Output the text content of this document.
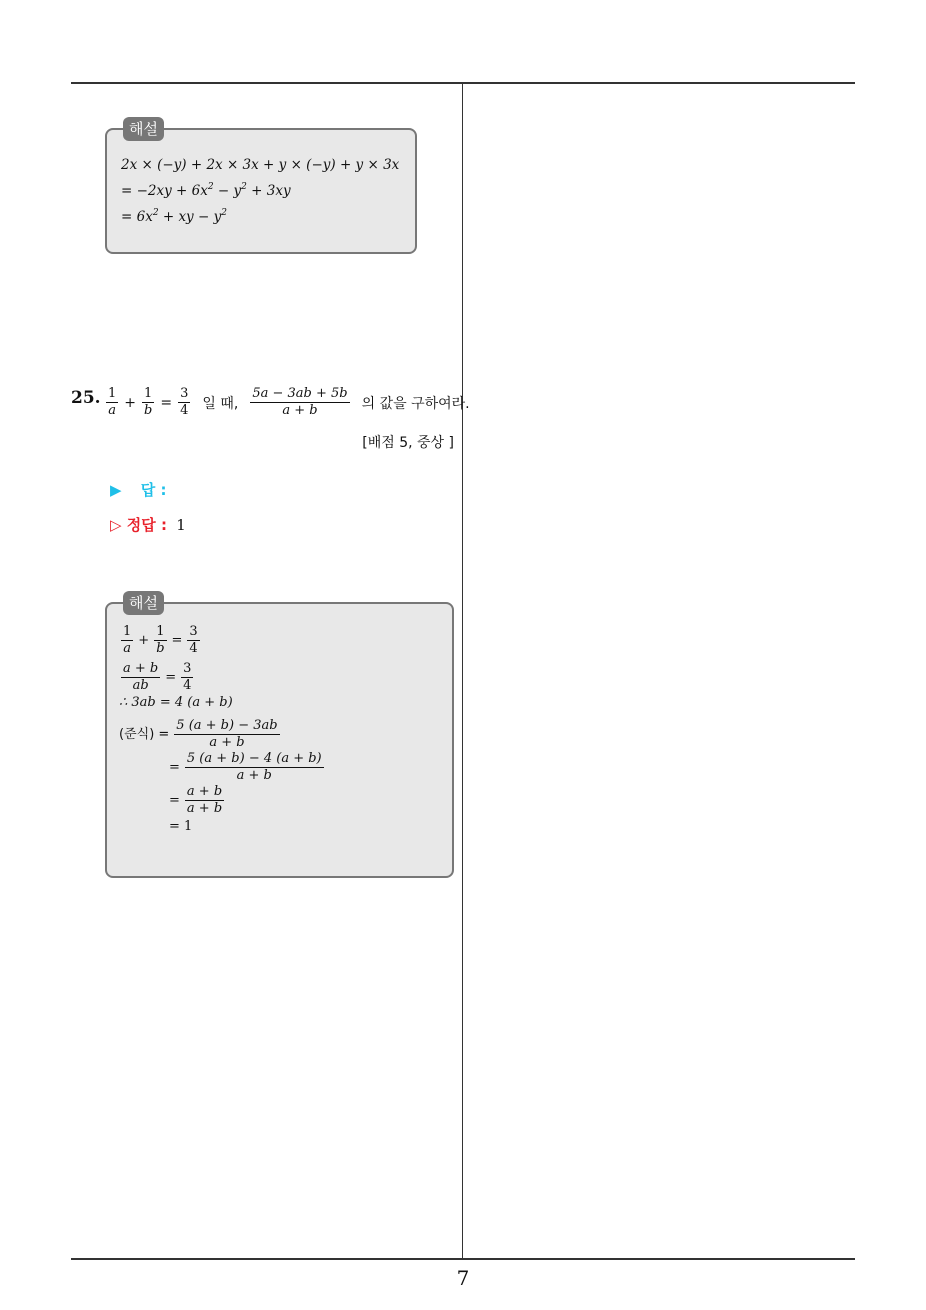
해설
2x × (−y) + 2x × 3x + y × (−y) + y × 3x
= $-2xy + 6x^2 - y^2 + 3xy$
= $6x^2$ + xy − $y^2$
25. $\frac{1}{a} + \frac{1}{b} = \frac{3}{4}$ 일 때, $\frac{5a - 3ab + 5b}{a + b}$ 의 값을 구하여라.
[배점 5, 중상 ]
▶ 답 :
▷ 정답 : 1
해설
$\frac{1}{a} + \frac{1}{b} = \frac{3}{4}$
$\frac{a + b}{ab} = \frac{3}{4}$
∴ 3ab = 4 (a + b)
(준식) = $\frac{5 (a + b) - 3ab}{a + b}$
= $\frac{5 (a + b) - 4 (a + b)}{a + b}$
= $\frac{a + b}{a + b}$
= 1
7
